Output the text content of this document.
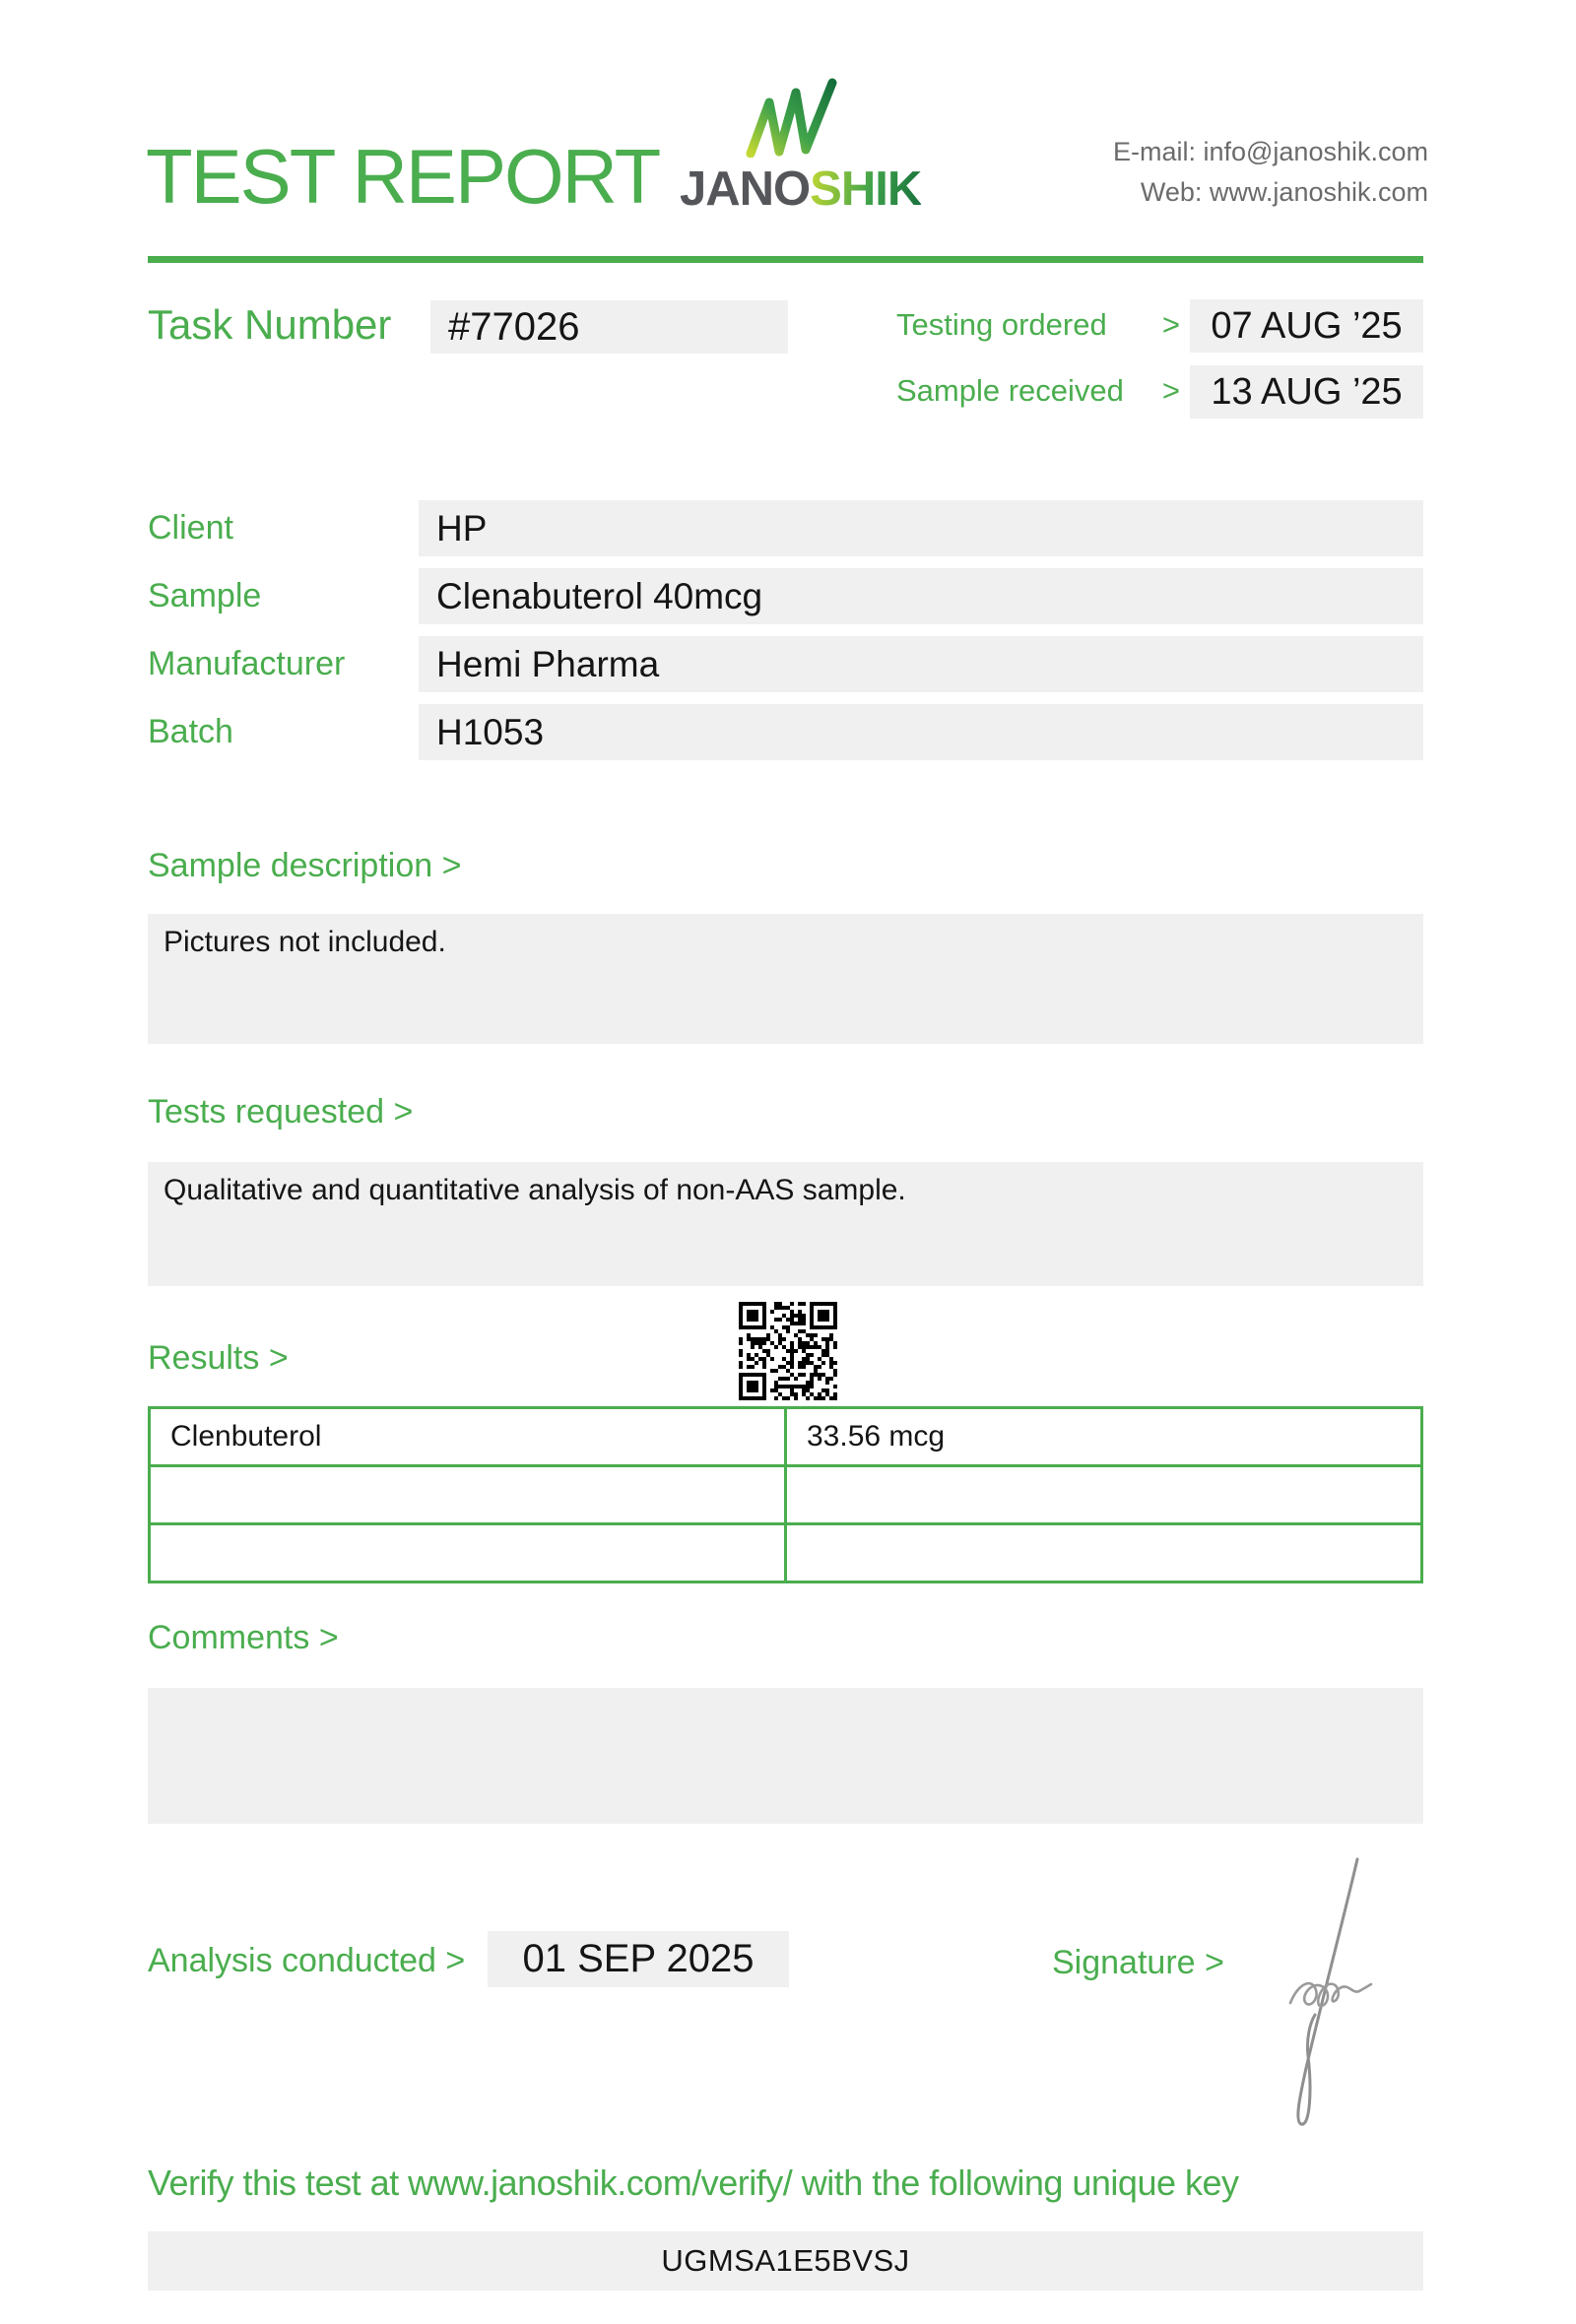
TEST REPORT JANOSHIK
E-mail: info@janoshik.com
Web: www.janoshik.com
Task Number	#77026	Testing ordered > 07 AUG ’25
Sample received > 13 AUG ’25
Client	HP
Sample	Clenabuterol 40mcg
Manufacturer	Hemi Pharma
Batch	H1053
Sample description >
Pictures not included.
Tests requested >
Qualitative and quantitative analysis of non-AAS sample.
Results >
Clenbuterol	33.56 mcg

Comments >
Analysis conducted >	01 SEP 2025	Signature >
Verify this test at www.janoshik.com/verify/ with the following unique key
UGMSA1E5BVSJ
